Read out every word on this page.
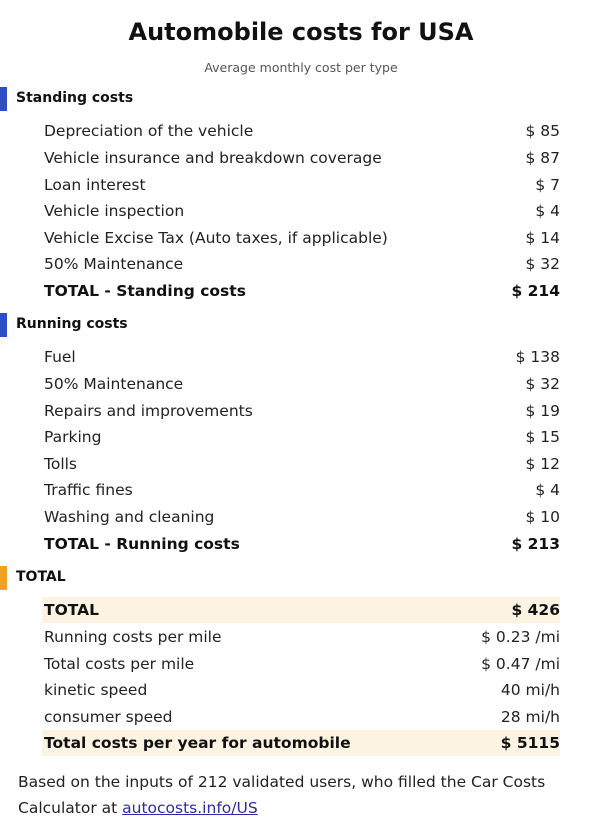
Automobile costs for USA
Average monthly cost per type
Standing costs
Depreciation of the vehicle	$ 85
Vehicle insurance and breakdown coverage	$ 87
Loan interest	$ 7
Vehicle inspection	$ 4
Vehicle Excise Tax (Auto taxes, if applicable)	$ 14
50% Maintenance	$ 32
TOTAL - Standing costs	$ 214
Running costs
Fuel	$ 138
50% Maintenance	$ 32
Repairs and improvements	$ 19
Parking	$ 15
Tolls	$ 12
Traffic fines	$ 4
Washing and cleaning	$ 10
TOTAL - Running costs	$ 213
TOTAL
TOTAL	$ 426
Running costs per mile	$ 0.23 /mi
Total costs per mile	$ 0.47 /mi
kinetic speed	40 mi/h
consumer speed	28 mi/h
Total costs per year for automobile	$ 5115
Based on the inputs of 212 validated users, who filled the Car Costs Calculator at autocosts.info/US
